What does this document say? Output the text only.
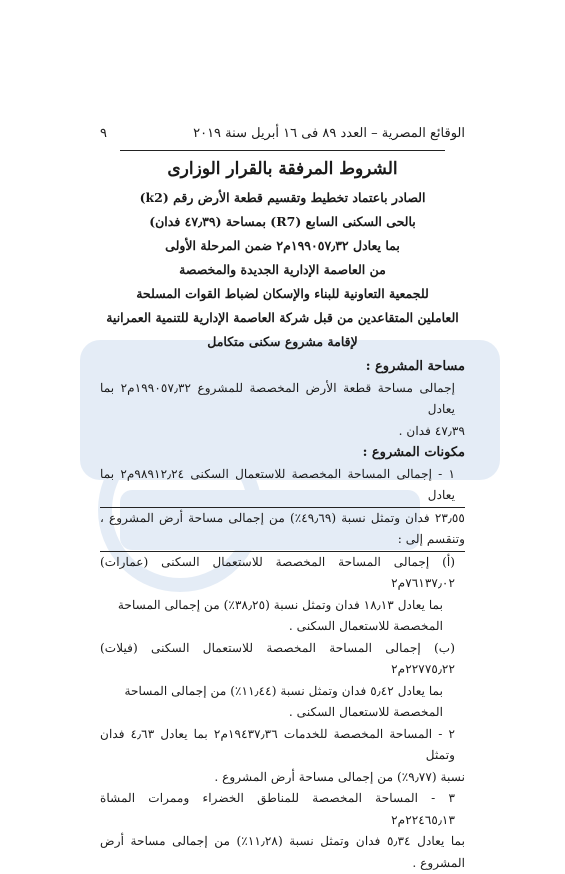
الوقائع المصرية – العدد ٨٩ فى ١٦ أبريل سنة ٢٠١٩
٩
الشروط المرفقة بالقرار الوزارى
الصادر باعتماد تخطيط وتقسيم قطعة الأرض رقم (k2)
بالحى السكنى السابع (R7) بمساحة (٤٧٫٣٩ فدان)
بما يعادل ١٩٩٠٥٧٫٣٢م٢ ضمن المرحلة الأولى
من العاصمة الإدارية الجديدة والمخصصة
للجمعية التعاونية للبناء والإسكان لضباط القوات المسلحة
العاملين المتقاعدين من قبل شركة العاصمة الإدارية للتنمية العمرانية
لإقامة مشروع سكنى متكامل

مساحة المشروع :

إجمالى مساحة قطعة الأرض المخصصة للمشروع ١٩٩٠٥٧٫٣٢م٢ بما يعادل

٤٧٫٣٩ فدان .

مكونات المشروع :

١ - إجمالى المساحة المخصصة للاستعمال السكنى ٩٨٩١٢٫٢٤م٢ بما يعادل

٢٣٫٥٥ فدان وتمثل نسبة (٤٩٫٦٩٪) من إجمالى مساحة أرض المشروع ، وتنقسم إلى :

(أ) إجمالى المساحة المخصصة للاستعمال السكنى (عمارات) ٧٦١٣٧٫٠٢م٢

بما يعادل ١٨٫١٣ فدان وتمثل نسبة (٣٨٫٢٥٪) من إجمالى المساحة

المخصصة للاستعمال السكنى .

(ب) إجمالى المساحة المخصصة للاستعمال السكنى (فيلات) ٢٢٧٧٥٫٢٢م٢

بما يعادل ٥٫٤٢ فدان وتمثل نسبة (١١٫٤٤٪) من إجمالى المساحة

المخصصة للاستعمال السكنى .

٢ - المساحة المخصصة للخدمات ١٩٤٣٧٫٣٦م٢ بما يعادل ٤٫٦٣ فدان وتمثل

نسبة (٩٫٧٧٪) من إجمالى مساحة أرض المشروع .

٣ - المساحة المخصصة للمناطق الخضراء وممرات المشاة ٢٢٤٦٥٫١٣م٢

بما يعادل ٥٫٣٤ فدان وتمثل نسبة (١١٫٢٨٪) من إجمالى مساحة أرض المشروع .
